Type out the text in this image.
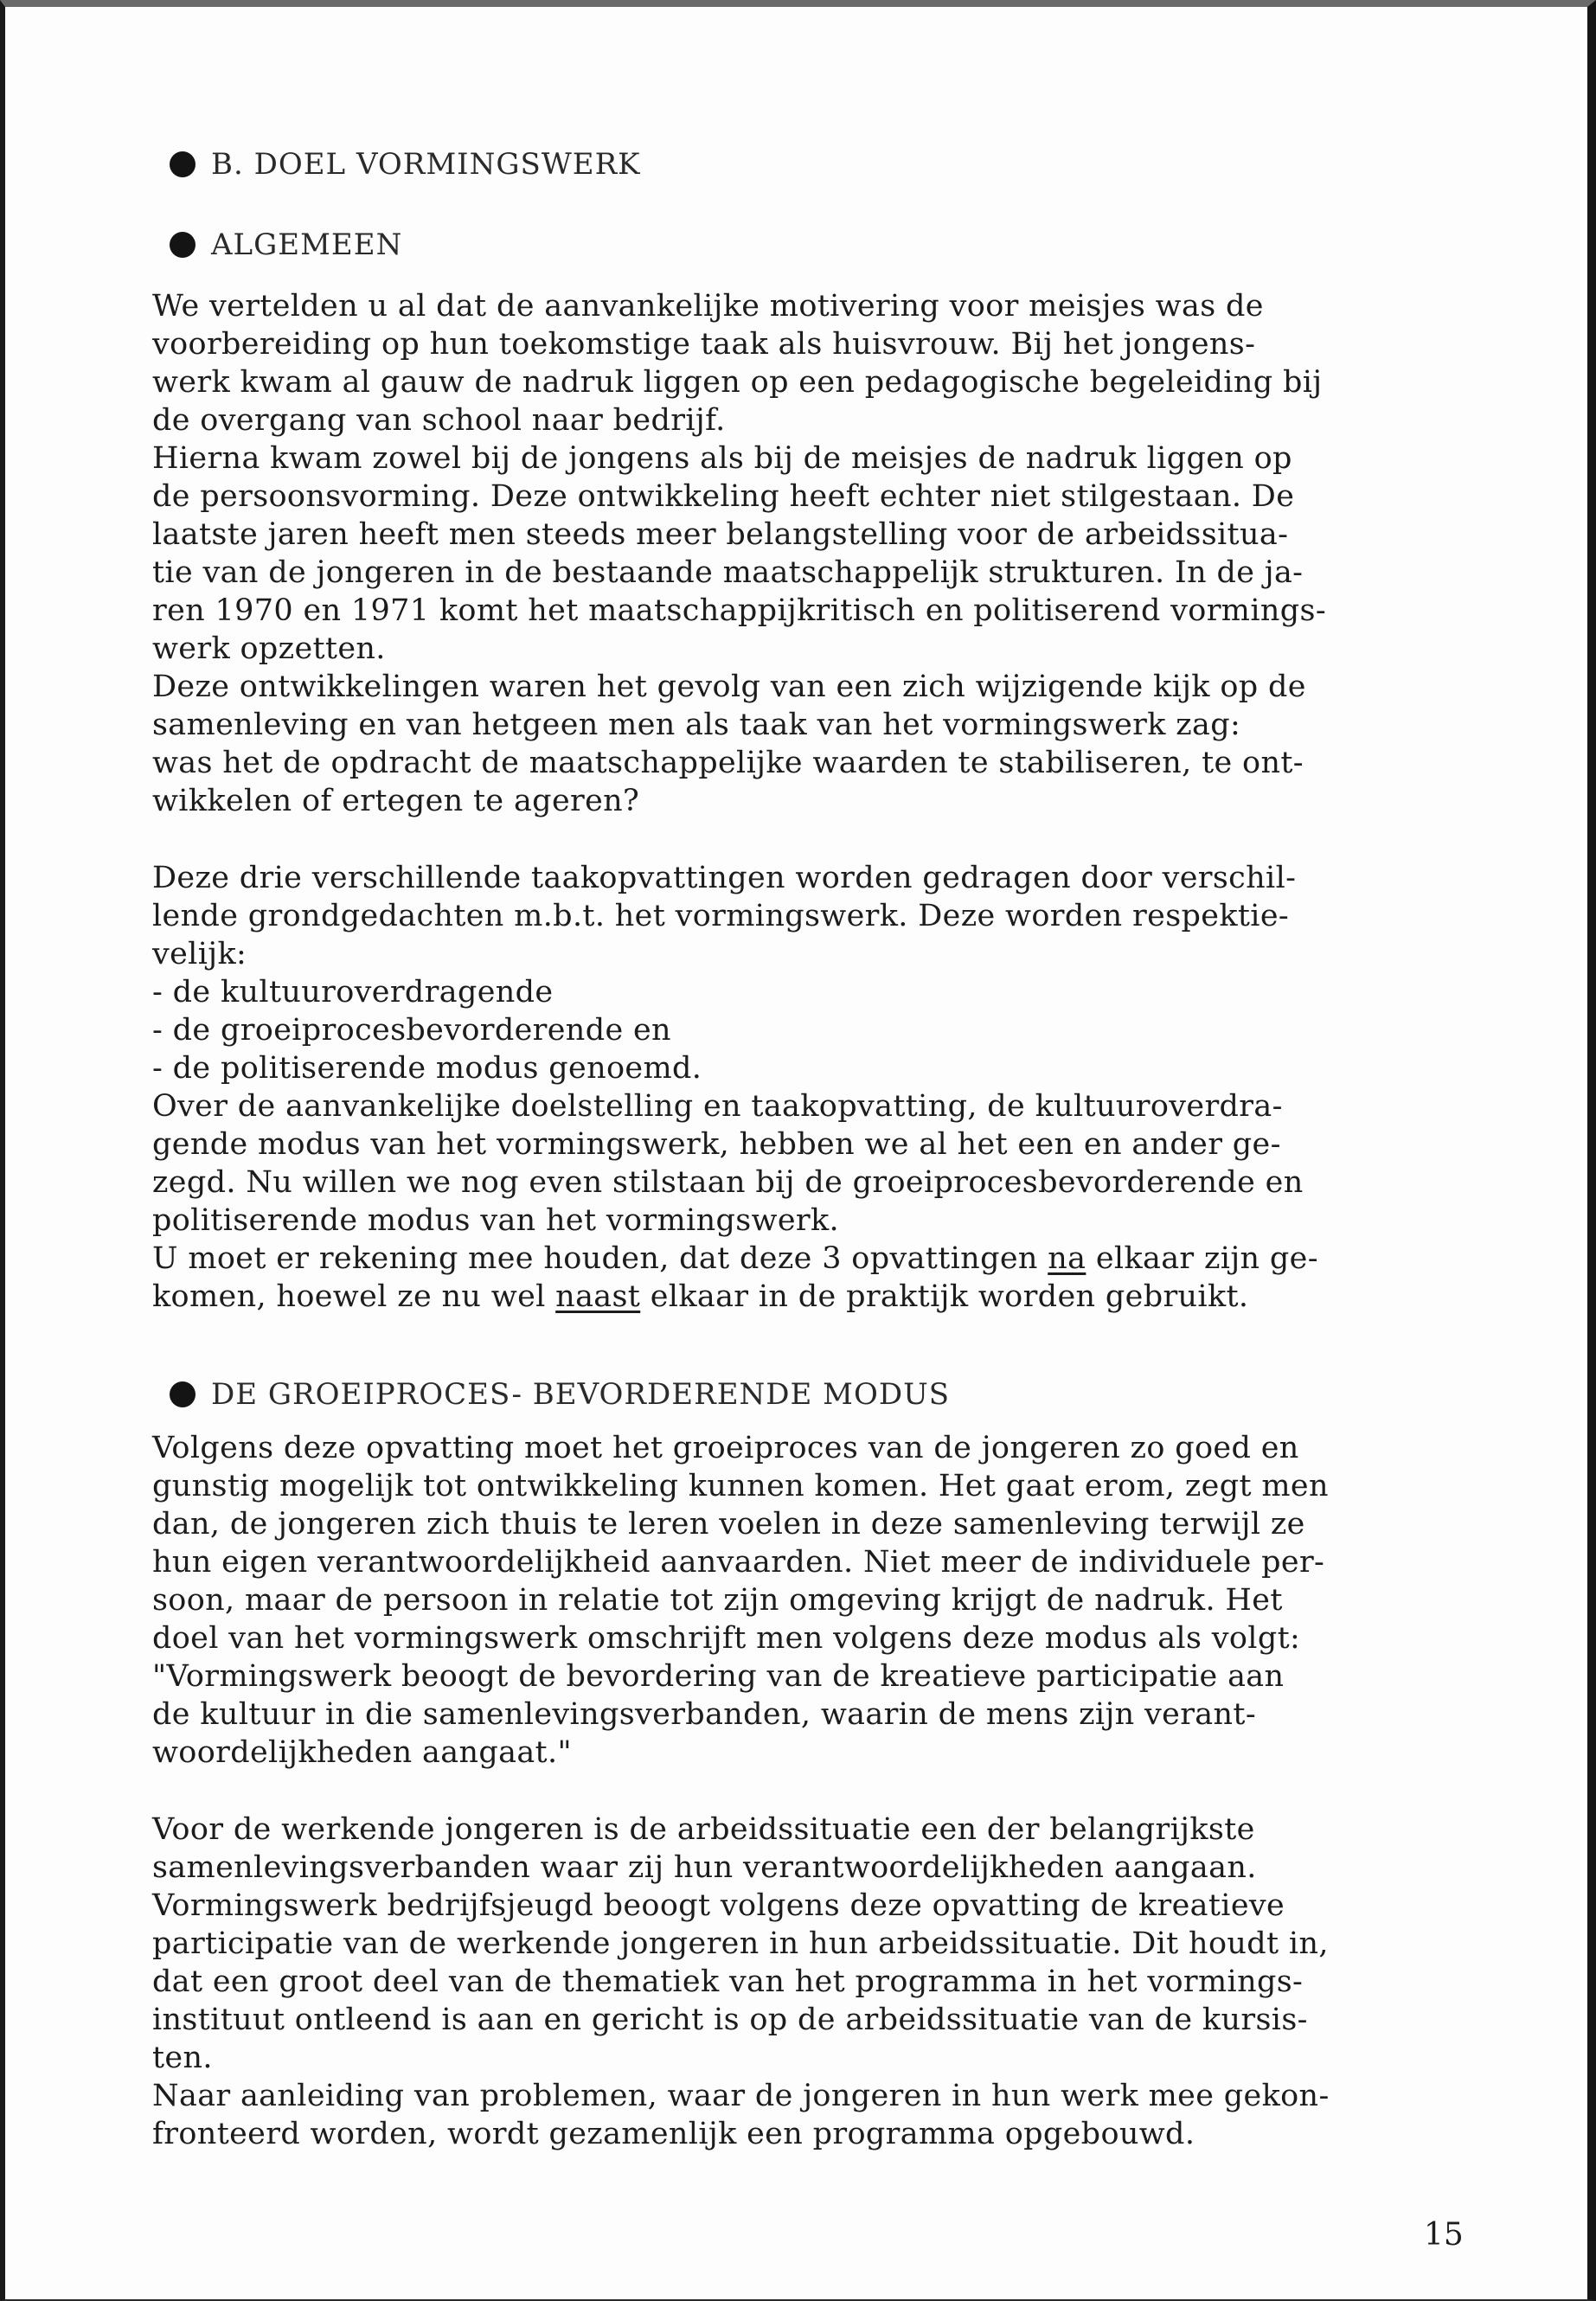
B. DOEL VORMINGSWERK
ALGEMEEN
We vertelden u al dat de aanvankelijke motivering voor meisjes was de
voorbereiding op hun toekomstige taak als huisvrouw. Bij het jongens-
werk kwam al gauw de nadruk liggen op een pedagogische begeleiding bij
de overgang van school naar bedrijf.
Hierna kwam zowel bij de jongens als bij de meisjes de nadruk liggen op
de persoonsvorming. Deze ontwikkeling heeft echter niet stilgestaan. De
laatste jaren heeft men steeds meer belangstelling voor de arbeidssitua-
tie van de jongeren in de bestaande maatschappelijk strukturen. In de ja-
ren 1970 en 1971 komt het maatschappijkritisch en politiserend vormings-
werk opzetten.
Deze ontwikkelingen waren het gevolg van een zich wijzigende kijk op de
samenleving en van hetgeen men als taak van het vormingswerk zag:
was het de opdracht de maatschappelijke waarden te stabiliseren, te ont-
wikkelen of ertegen te ageren?
Deze drie verschillende taakopvattingen worden gedragen door verschil-
lende grondgedachten m.b.t. het vormingswerk. Deze worden respektie-
velijk:
- de kultuuroverdragende
- de groeiprocesbevorderende en
- de politiserende modus genoemd.
Over de aanvankelijke doelstelling en taakopvatting, de kultuuroverdra-
gende modus van het vormingswerk, hebben we al het een en ander ge-
zegd. Nu willen we nog even stilstaan bij de groeiprocesbevorderende en
politiserende modus van het vormingswerk.
U moet er rekening mee houden, dat deze 3 opvattingen na elkaar zijn ge-
komen, hoewel ze nu wel naast elkaar in de praktijk worden gebruikt.
Volgens deze opvatting moet het groeiproces van de jongeren zo goed en
gunstig mogelijk tot ontwikkeling kunnen komen. Het gaat erom, zegt men
dan, de jongeren zich thuis te leren voelen in deze samenleving terwijl ze
hun eigen verantwoordelijkheid aanvaarden. Niet meer de individuele per-
soon, maar de persoon in relatie tot zijn omgeving krijgt de nadruk. Het
doel van het vormingswerk omschrijft men volgens deze modus als volgt:
"Vormingswerk beoogt de bevordering van de kreatieve participatie aan
de kultuur in die samenlevingsverbanden, waarin de mens zijn verant-
woordelijkheden aangaat."
Voor de werkende jongeren is de arbeidssituatie een der belangrijkste
samenlevingsverbanden waar zij hun verantwoordelijkheden aangaan.
Vormingswerk bedrijfsjeugd beoogt volgens deze opvatting de kreatieve
participatie van de werkende jongeren in hun arbeidssituatie. Dit houdt in,
dat een groot deel van de thematiek van het programma in het vormings-
instituut ontleend is aan en gericht is op de arbeidssituatie van de kursis-
ten.
Naar aanleiding van problemen, waar de jongeren in hun werk mee gekon-
fronteerd worden, wordt gezamenlijk een programma opgebouwd.
DE GROEIPROCES- BEVORDERENDE MODUS
15
